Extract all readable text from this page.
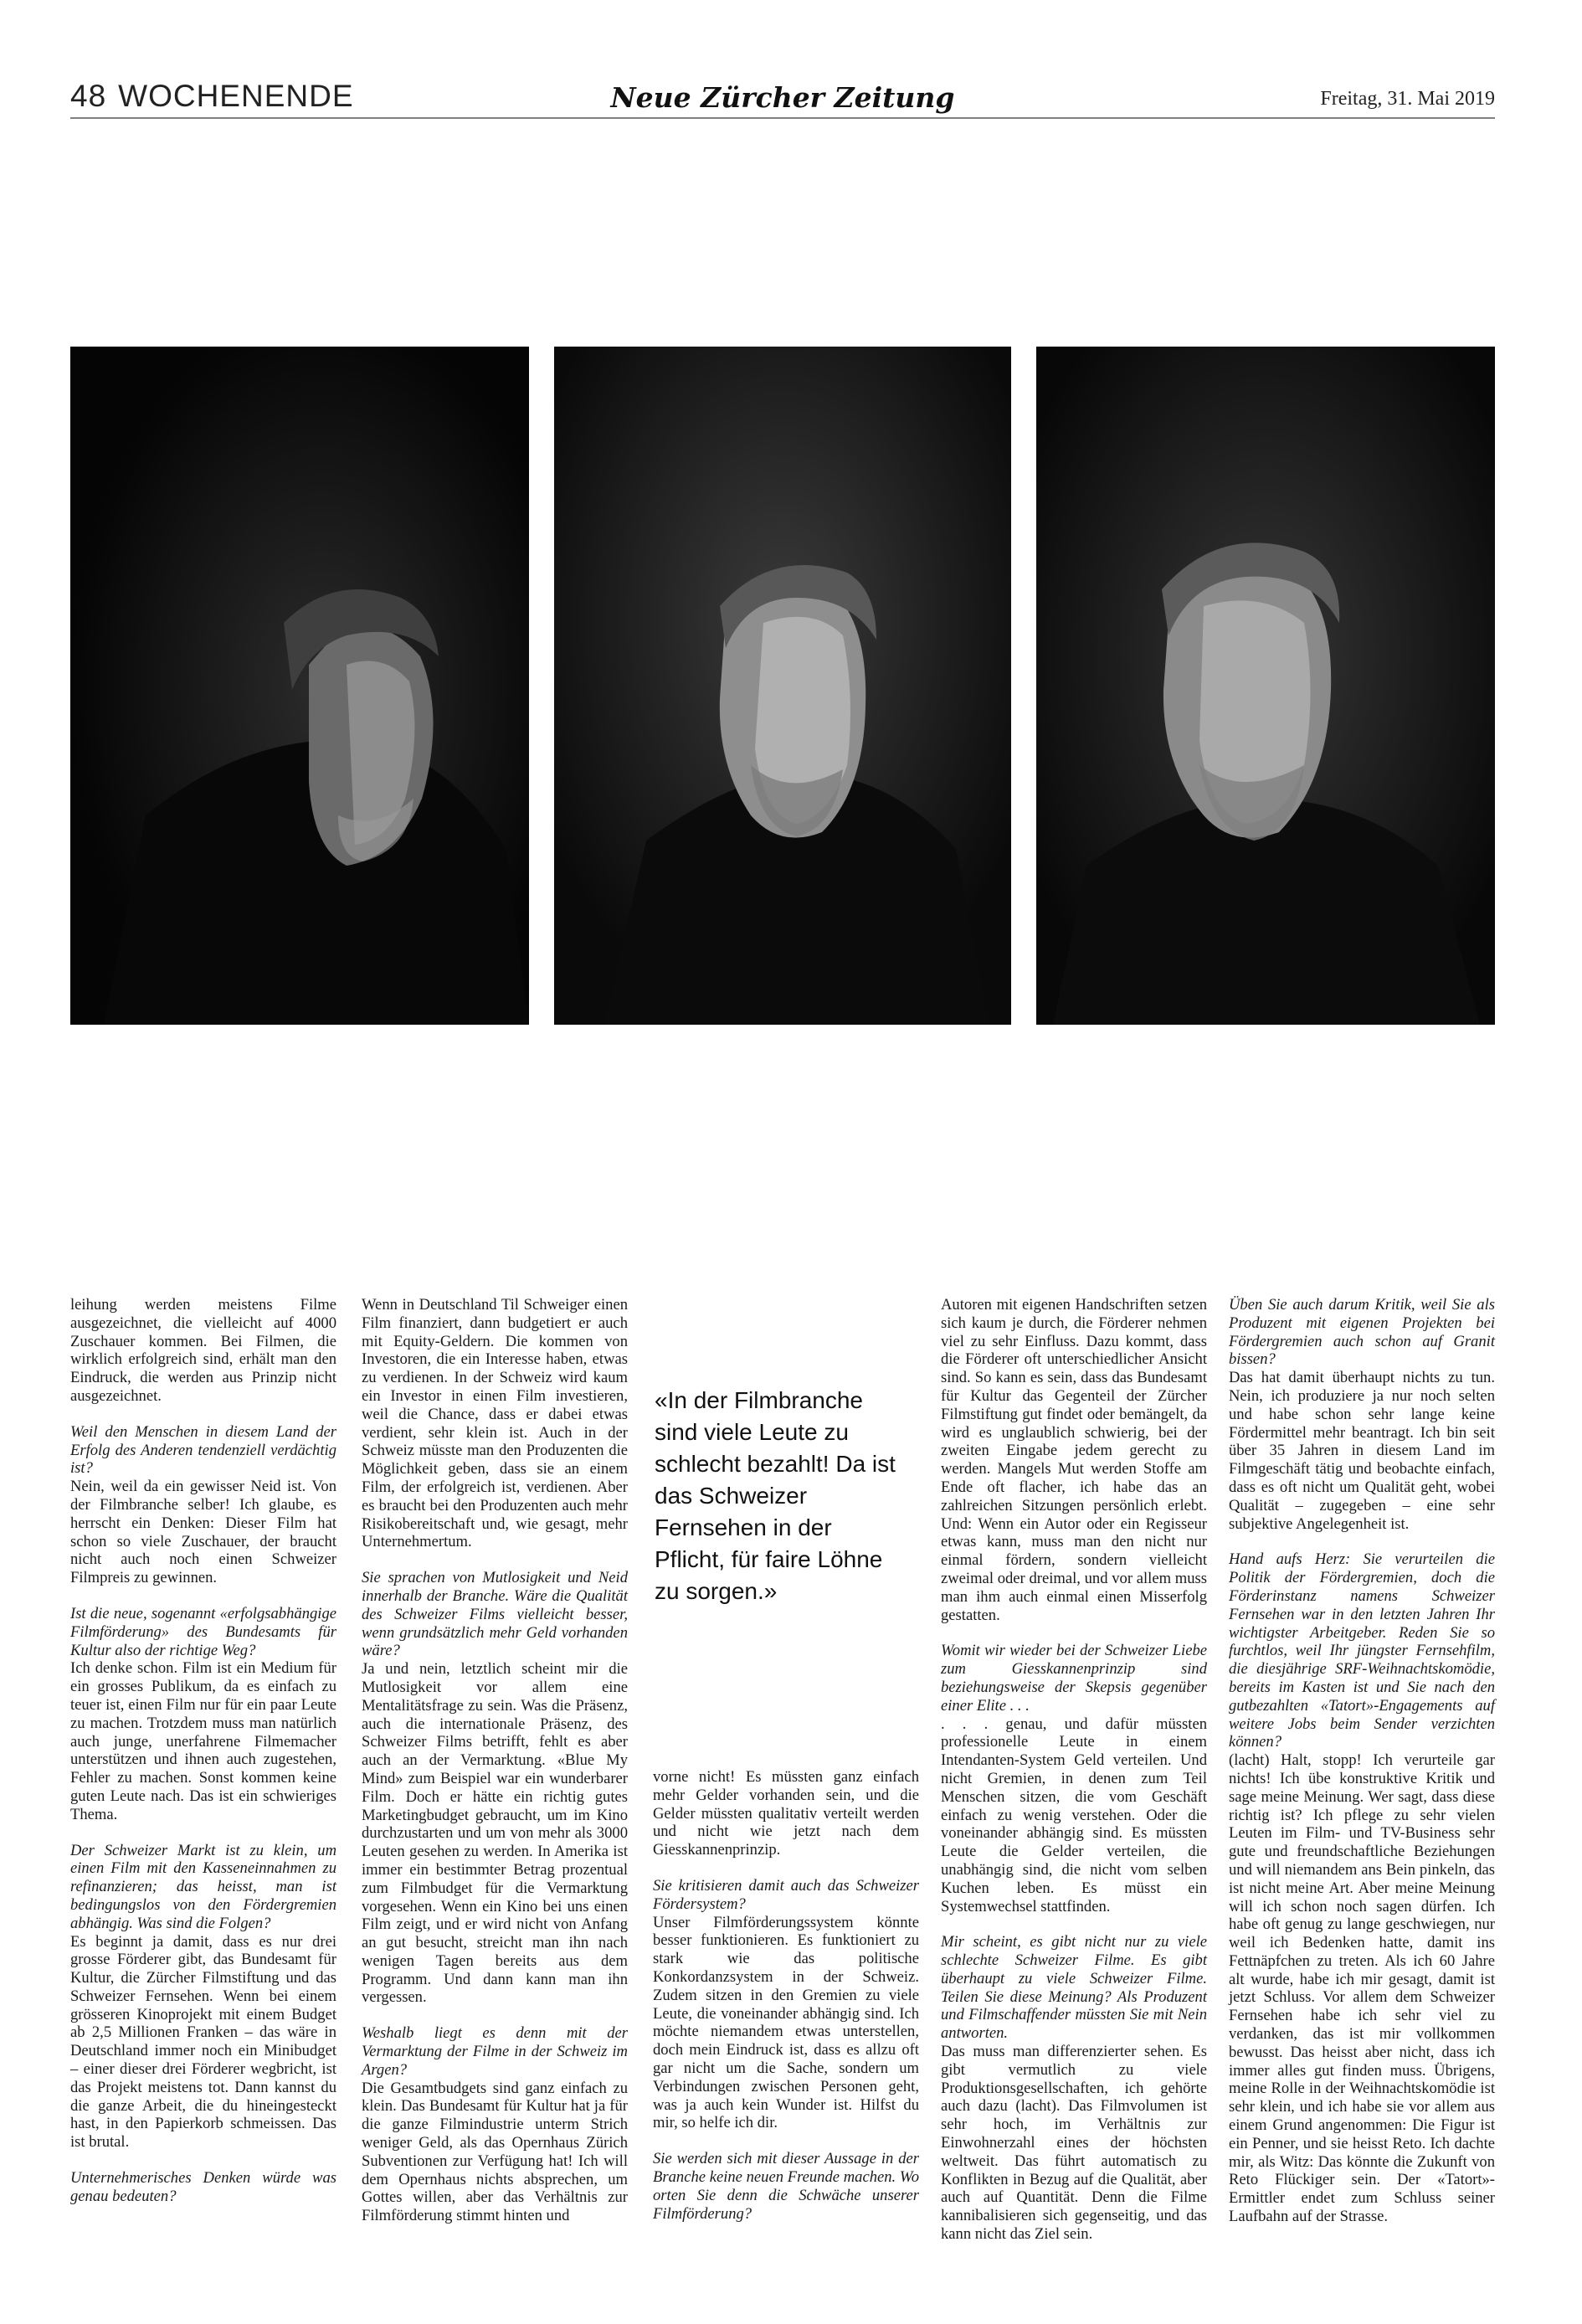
48 WOCHENENDE	Neue Zürcher Zeitung	Freitag, 31. Mai 2019

leihung werden meistens Filme ausgezeichnet, die vielleicht auf 4000 Zuschauer kommen. Bei Filmen, die wirklich erfolgreich sind, erhält man den Eindruck, die werden aus Prinzip nicht ausgezeichnet.

Weil den Menschen in diesem Land der Erfolg des Anderen tendenziell verdächtig ist?

Nein, weil da ein gewisser Neid ist. Von der Filmbranche selber! Ich glaube, es herrscht ein Denken: Dieser Film hat schon so viele Zuschauer, der braucht nicht auch noch einen Schweizer Filmpreis zu gewinnen.

Ist die neue, sogenannt «erfolgsabhängige Filmförderung» des Bundesamts für Kultur also der richtige Weg?

Ich denke schon. Film ist ein Medium für ein grosses Publikum, da es einfach zu teuer ist, einen Film nur für ein paar Leute zu machen. Trotzdem muss man natürlich auch junge, unerfahrene Filmemacher unterstützen und ihnen auch zugestehen, Fehler zu machen. Sonst kommen keine guten Leute nach. Das ist ein schwieriges Thema.

Der Schweizer Markt ist zu klein, um einen Film mit den Kasseneinnahmen zu refinanzieren; das heisst, man ist bedingungslos von den Fördergremien abhängig. Was sind die Folgen?

Es beginnt ja damit, dass es nur drei grosse Förderer gibt, das Bundesamt für Kultur, die Zürcher Filmstiftung und das Schweizer Fernsehen. Wenn bei einem grösseren Kinoprojekt mit einem Budget ab 2,5 Millionen Franken – das wäre in Deutschland immer noch ein Minibudget – einer dieser drei Förderer wegbricht, ist das Projekt meistens tot. Dann kannst du die ganze Arbeit, die du hineingesteckt hast, in den Papierkorb schmeissen. Das ist brutal.

Unternehmerisches Denken würde was genau bedeuten?

Wenn in Deutschland Til Schweiger einen Film finanziert, dann budgetiert er auch mit Equity-Geldern. Die kommen von Investoren, die ein Interesse haben, etwas zu verdienen. In der Schweiz wird kaum ein Investor in einen Film investieren, weil die Chance, dass er dabei etwas verdient, sehr klein ist. Auch in der Schweiz müsste man den Produzenten die Möglichkeit geben, dass sie an einem Film, der erfolgreich ist, verdienen. Aber es braucht bei den Produzenten auch mehr Risikobereitschaft und, wie gesagt, mehr Unternehmertum.

Sie sprachen von Mutlosigkeit und Neid innerhalb der Branche. Wäre die Qualität des Schweizer Films vielleicht besser, wenn grundsätzlich mehr Geld vorhanden wäre?

Ja und nein, letztlich scheint mir die Mutlosigkeit vor allem eine Mentalitätsfrage zu sein. Was die Präsenz, auch die internationale Präsenz, des Schweizer Films betrifft, fehlt es aber auch an der Vermarktung. «Blue My Mind» zum Beispiel war ein wunderbarer Film. Doch er hätte ein richtig gutes Marketingbudget gebraucht, um im Kino durchzustarten und um von mehr als 3000 Leuten gesehen zu werden. In Amerika ist immer ein bestimmter Betrag prozentual zum Filmbudget für die Vermarktung vorgesehen. Wenn ein Kino bei uns einen Film zeigt, und er wird nicht von Anfang an gut besucht, streicht man ihn nach wenigen Tagen bereits aus dem Programm. Und dann kann man ihn vergessen.

Weshalb liegt es denn mit der Vermarktung der Filme in der Schweiz im Argen?

Die Gesamtbudgets sind ganz einfach zu klein. Das Bundesamt für Kultur hat ja für die ganze Filmindustrie unterm Strich weniger Geld, als das Opernhaus Zürich Subventionen zur Verfügung hat! Ich will dem Opernhaus nichts absprechen, um Gottes willen, aber das Verhältnis zur Filmförderung stimmt hinten und

«In der Filmbranche sind viele Leute zu schlecht bezahlt! Da ist das Schweizer Fernsehen in der Pflicht, für faire Löhne zu sorgen.»

vorne nicht! Es müssten ganz einfach mehr Gelder vorhanden sein, und die Gelder müssten qualitativ verteilt werden und nicht wie jetzt nach dem Giesskannenprinzip.

Sie kritisieren damit auch das Schweizer Fördersystem?

Unser Filmförderungssystem könnte besser funktionieren. Es funktioniert zu stark wie das politische Konkordanzsystem in der Schweiz. Zudem sitzen in den Gremien zu viele Leute, die voneinander abhängig sind. Ich möchte niemandem etwas unterstellen, doch mein Eindruck ist, dass es allzu oft gar nicht um die Sache, sondern um Verbindungen zwischen Personen geht, was ja auch kein Wunder ist. Hilfst du mir, so helfe ich dir.

Sie werden sich mit dieser Aussage in der Branche keine neuen Freunde machen. Wo orten Sie denn die Schwäche unserer Filmförderung?

Autoren mit eigenen Handschriften setzen sich kaum je durch, die Förderer nehmen viel zu sehr Einfluss. Dazu kommt, dass die Förderer oft unterschiedlicher Ansicht sind. So kann es sein, dass das Bundesamt für Kultur das Gegenteil der Zürcher Filmstiftung gut findet oder bemängelt, da wird es unglaublich schwierig, bei der zweiten Eingabe jedem gerecht zu werden. Mangels Mut werden Stoffe am Ende oft flacher, ich habe das an zahlreichen Sitzungen persönlich erlebt. Und: Wenn ein Autor oder ein Regisseur etwas kann, muss man den nicht nur einmal fördern, sondern vielleicht zweimal oder dreimal, und vor allem muss man ihm auch einmal einen Misserfolg gestatten.

Womit wir wieder bei der Schweizer Liebe zum Giesskannenprinzip sind beziehungsweise der Skepsis gegenüber einer Elite . . .

. . . genau, und dafür müssten professionelle Leute in einem Intendanten-System Geld verteilen. Und nicht Gremien, in denen zum Teil Menschen sitzen, die vom Geschäft einfach zu wenig verstehen. Oder die voneinander abhängig sind. Es müssten Leute die Gelder verteilen, die unabhängig sind, die nicht vom selben Kuchen leben. Es müsst ein Systemwechsel stattfinden.

Mir scheint, es gibt nicht nur zu viele schlechte Schweizer Filme. Es gibt überhaupt zu viele Schweizer Filme. Teilen Sie diese Meinung? Als Produzent und Filmschaffender müssten Sie mit Nein antworten.

Das muss man differenzierter sehen. Es gibt vermutlich zu viele Produktionsgesellschaften, ich gehörte auch dazu (lacht). Das Filmvolumen ist sehr hoch, im Verhältnis zur Einwohnerzahl eines der höchsten weltweit. Das führt automatisch zu Konflikten in Bezug auf die Qualität, aber auch auf Quantität. Denn die Filme kannibalisieren sich gegenseitig, und das kann nicht das Ziel sein.

Üben Sie auch darum Kritik, weil Sie als Produzent mit eigenen Projekten bei Fördergremien auch schon auf Granit bissen?

Das hat damit überhaupt nichts zu tun. Nein, ich produziere ja nur noch selten und habe schon sehr lange keine Fördermittel mehr beantragt. Ich bin seit über 35 Jahren in diesem Land im Filmgeschäft tätig und beobachte einfach, dass es oft nicht um Qualität geht, wobei Qualität – zugegeben – eine sehr subjektive Angelegenheit ist.

Hand aufs Herz: Sie verurteilen die Politik der Fördergremien, doch die Förderinstanz namens Schweizer Fernsehen war in den letzten Jahren Ihr wichtigster Arbeitgeber. Reden Sie so furchtlos, weil Ihr jüngster Fernsehfilm, die diesjährige SRF-Weihnachtskomödie, bereits im Kasten ist und Sie nach den gutbezahlten «Tatort»-Engagements auf weitere Jobs beim Sender verzichten können?

(lacht) Halt, stopp! Ich verurteile gar nichts! Ich übe konstruktive Kritik und sage meine Meinung. Wer sagt, dass diese richtig ist? Ich pflege zu sehr vielen Leuten im Film- und TV-Business sehr gute und freundschaftliche Beziehungen und will niemandem ans Bein pinkeln, das ist nicht meine Art. Aber meine Meinung will ich schon noch sagen dürfen. Ich habe oft genug zu lange geschwiegen, nur weil ich Bedenken hatte, damit ins Fettnäpfchen zu treten. Als ich 60 Jahre alt wurde, habe ich mir gesagt, damit ist jetzt Schluss. Vor allem dem Schweizer Fernsehen habe ich sehr viel zu verdanken, das ist mir vollkommen bewusst. Das heisst aber nicht, dass ich immer alles gut finden muss. Übrigens, meine Rolle in der Weihnachtskomödie ist sehr klein, und ich habe sie vor allem aus einem Grund angenommen: Die Figur ist ein Penner, und sie heisst Reto. Ich dachte mir, als Witz: Das könnte die Zukunft von Reto Flückiger sein. Der «Tatort»-Ermittler endet zum Schluss seiner Laufbahn auf der Strasse.
